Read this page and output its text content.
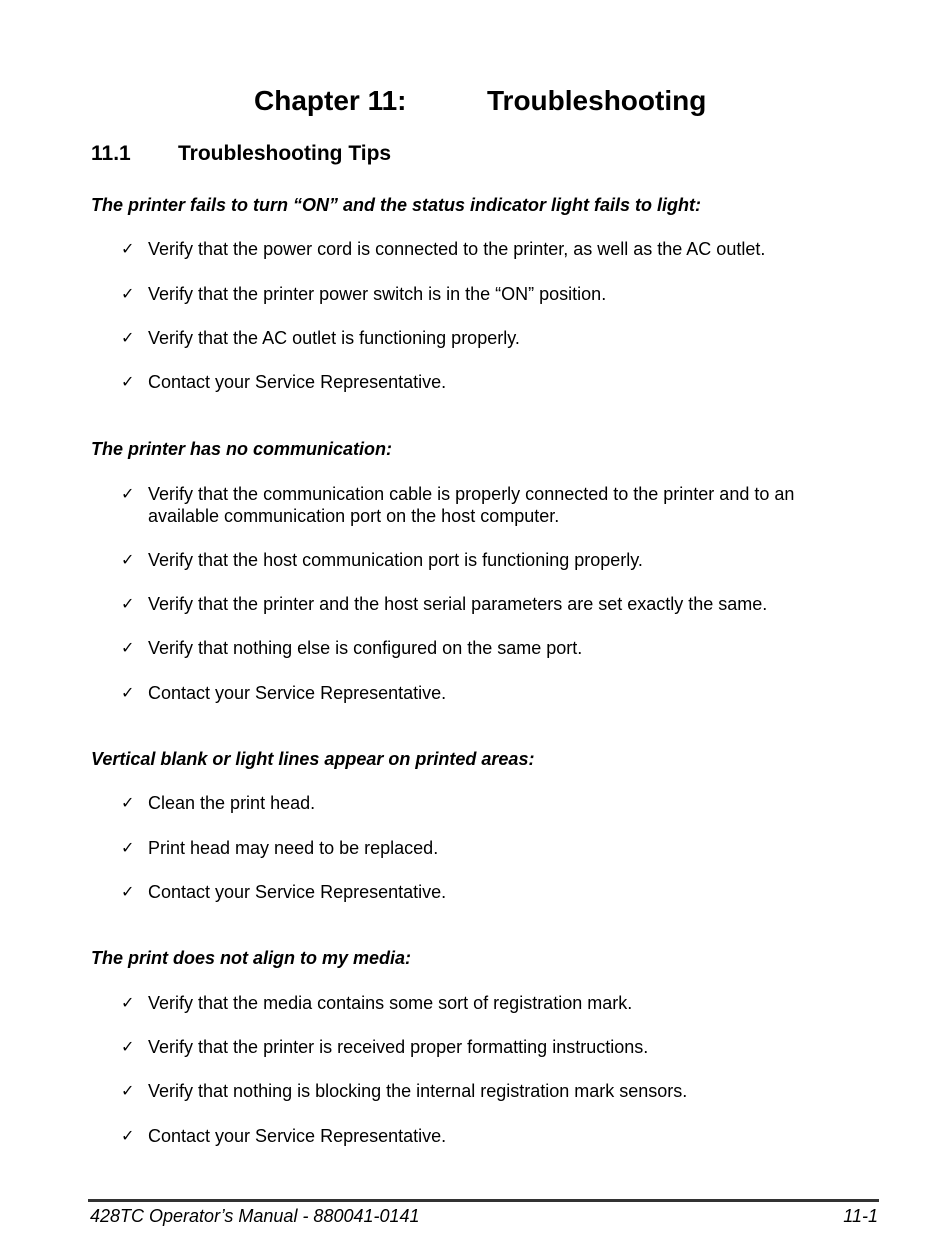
Chapter 11:	Troubleshooting
11.1 Troubleshooting Tips
The printer fails to turn “ON” and the status indicator light fails to light:
✓ Verify that the power cord is connected to the printer, as well as the AC outlet.
✓ Verify that the printer power switch is in the “ON” position.
✓ Verify that the AC outlet is functioning properly.
✓ Contact your Service Representative.
The printer has no communication:
✓ Verify that the communication cable is properly connected to the printer and to an available communication port on the host computer.
✓ Verify that the host communication port is functioning properly.
✓ Verify that the printer and the host serial parameters are set exactly the same.
✓ Verify that nothing else is configured on the same port.
✓ Contact your Service Representative.
Vertical blank or light lines appear on printed areas:
✓ Clean the print head.
✓ Print head may need to be replaced.
✓ Contact your Service Representative.
The print does not align to my media:
✓ Verify that the media contains some sort of registration mark.
✓ Verify that the printer is received proper formatting instructions.
✓ Verify that nothing is blocking the internal registration mark sensors.
✓ Contact your Service Representative.
428TC Operator’s Manual - 880041-0141	11-1
